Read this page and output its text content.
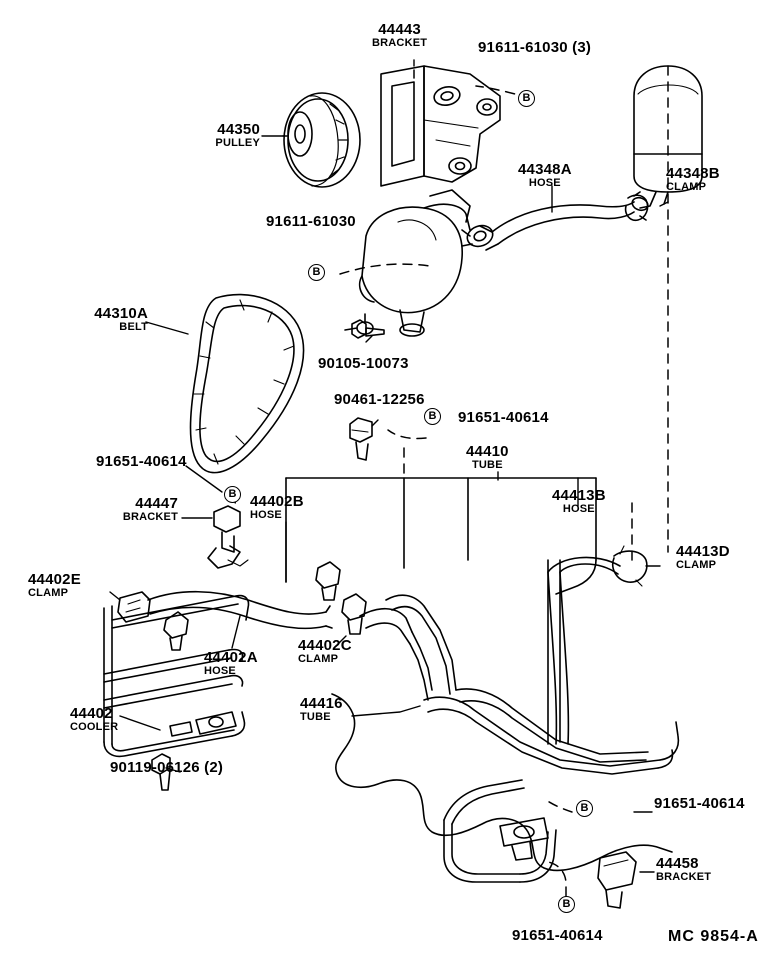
44443
BRACKET	91611-61030 (3)
B
44350
PULLEY
44348A
HOSE
44348B
CLAMP
91611-61030
B
44310A
BELT
90105-10073
90461-12256
91651-40614
B
44410
TUBE
44413B
HOSE
44413D
CLAMP
91651-40614
B
44447
BRACKET
44402B
HOSE
44402E
CLAMP
44402A
HOSE
44402C
CLAMP
44416
TUBE
44402
COOLER
90119-06126 (2)
91651-40614
B
44458
BRACKET
91651-40614
B
MC 9854-A
